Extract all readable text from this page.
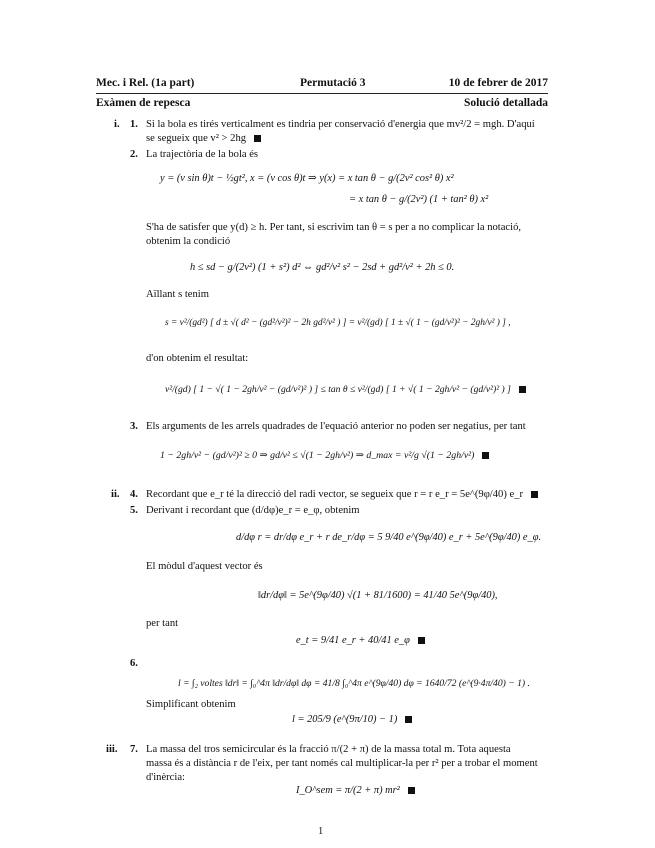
Mec. i Rel. (1a part)	Permutació 3	10 de febrer de 2017
Exàmen de repesca	Solució detallada
i. 1. Si la bola es tirés verticalment es tindria per conservació d'energia que mv²/2 = mgh. D'aquí
se segueix que v² > 2hg
2. La trajectòria de la bola és
y = (v sin θ)t − ½gt², x = (v cos θ)t ⇒ y(x) = x tan θ − g/(2v² cos² θ) x²
= x tan θ − g/(2v²) (1 + tan² θ) x²
S'ha de satisfer que y(d) ≥ h. Per tant, si escrivim tan θ = s per a no complicar la notació,
obtenim la condició
h ≤ sd − g/(2v²) (1 + s²) d² ⇔ gd²/v² s² − 2sd + gd²/v² + 2h ≤ 0.
Aïllant s tenim
s = v²/(gd²) [ d ± √( d² − (gd²/v²)² − 2h gd²/v² ) ] = v²/(gd) [ 1 ± √( 1 − (gd/v²)² − 2gh/v² ) ] ,
d'on obtenim el resultat:
v²/(gd) [ 1 − √( 1 − 2gh/v² − (gd/v²)² ) ] ≤ tan θ ≤ v²/(gd) [ 1 + √( 1 − 2gh/v² − (gd/v²)² ) ]
3. Els arguments de les arrels quadrades de l'equació anterior no poden ser negatius, per tant
1 − 2gh/v² − (gd/v²)² ≥ 0 ⇒ gd/v² ≤ √(1 − 2gh/v²) ⇒ d_max = v²/g √(1 − 2gh/v²)
ii. 4. Recordant que e_r té la direcció del radi vector, se segueix que r = r e_r = 5e^(9φ/40) e_r
5. Derivant i recordant que (d/dφ)e_r = e_φ, obtenim
d/dφ r = dr/dφ e_r + r de_r/dφ = 5 9/40 e^(9φ/40) e_r + 5e^(9φ/40) e_φ.
El mòdul d'aquest vector és
‖dr/dφ‖ = 5e^(9φ/40) √(1 + 81/1600) = 41/40 5e^(9φ/40),
per tant
e_t = 9/41 e_r + 40/41 e_φ
6.
l = ∫₂ voltes ‖dr‖ = ∫₀^4π ‖dr/dφ‖ dφ = 41/8 ∫₀^4π e^(9φ/40) dφ = 1640/72 (e^(9·4π/40) − 1) .
Simplificant obtenim
l = 205/9 (e^(9π/10) − 1)
iii. 7. La massa del tros semicircular és la fracció π/(2 + π) de la massa total m. Tota aquesta
massa és a distància r de l'eix, per tant només cal multiplicar-la per r² per a trobar el moment
d'inèrcia:
I_O^sem = π/(2 + π) mr²
1
